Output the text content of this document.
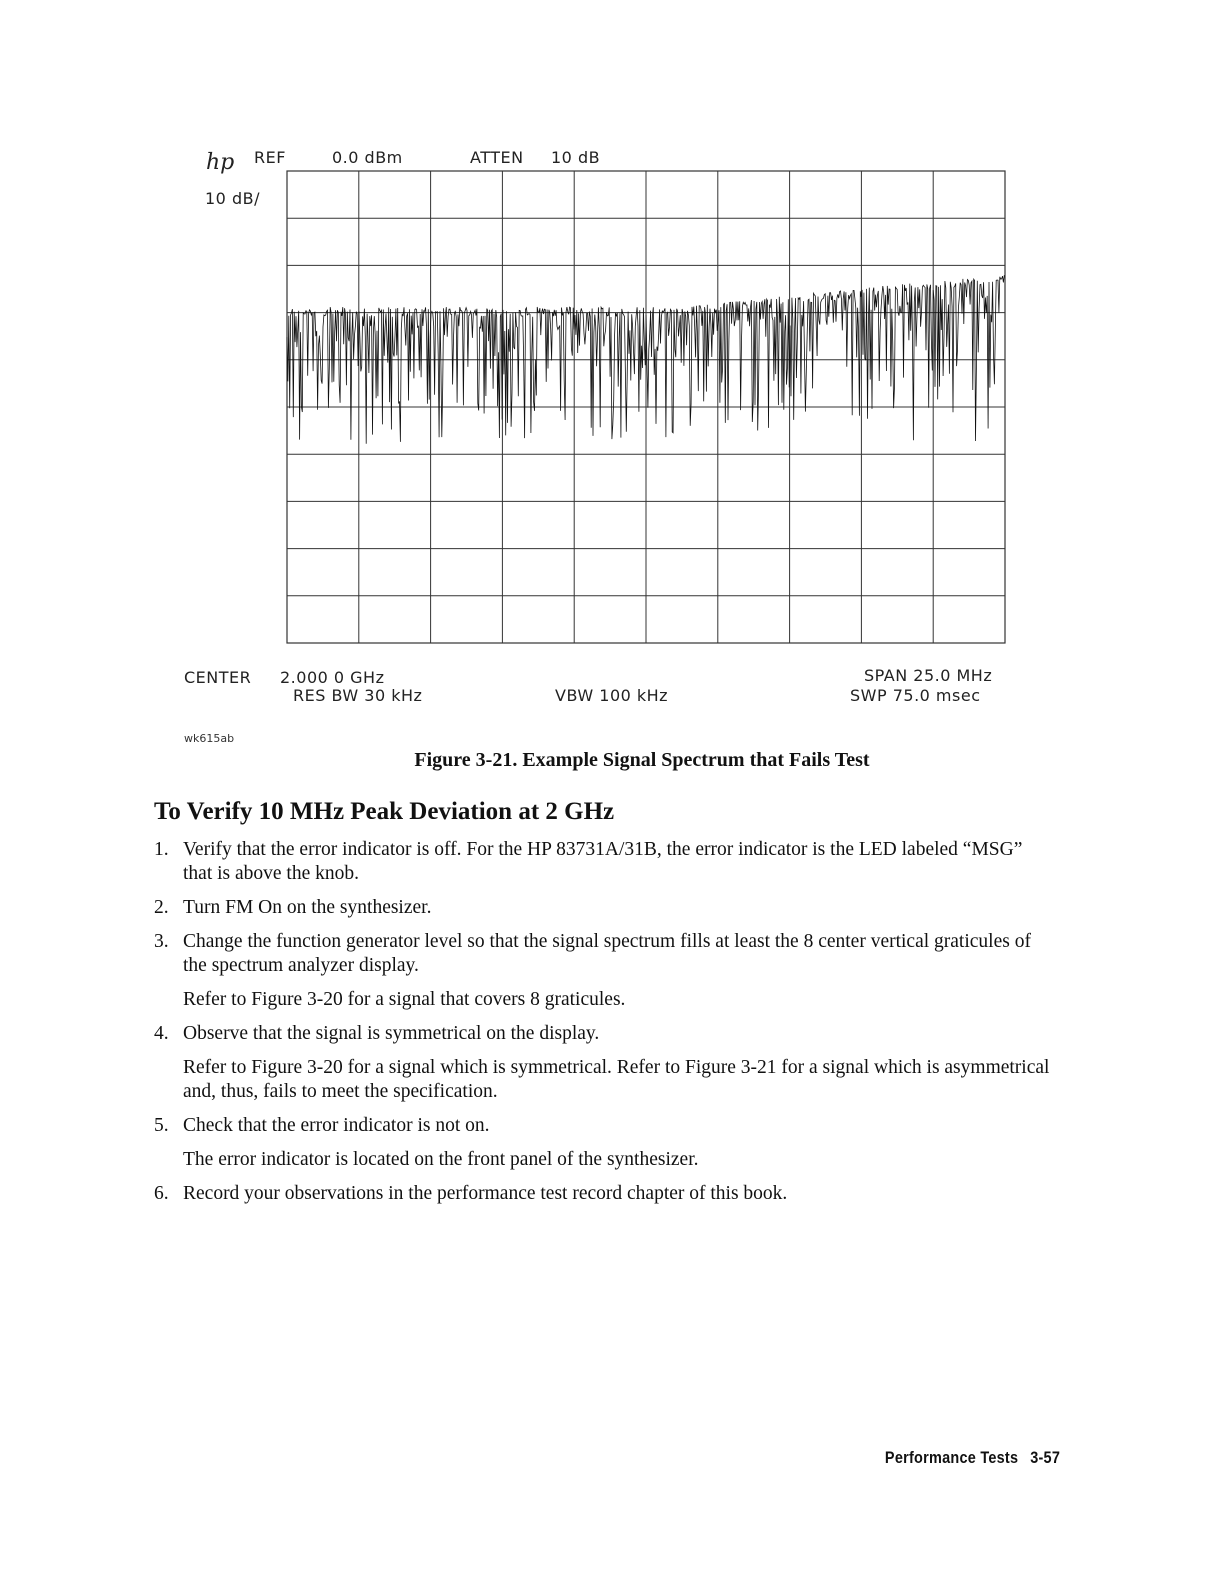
hp REF	0.0 dBm	ATTEN 10 dB
10 dB/
CENTER 2.000 0 GHz
RES BW 30 kHz	VBW 100 kHz
SPAN 25.0 MHz
SWP 75.0 msec
wk615ab
Figure 3-21. Example Signal Spectrum that Fails Test
To Verify 10 MHz Peak Deviation at 2 GHz
1. Verify that the error indicator is off. For the HP 83731A/31B, the error indicator is the LED labeled “MSG” that is above the knob.

2. Turn FM On on the synthesizer.

3. Change the function generator level so that the signal spectrum fills at least the 8 center vertical graticules of the spectrum analyzer display.

Refer to Figure 3-20 for a signal that covers 8 graticules.

4. Observe that the signal is symmetrical on the display.

Refer to Figure 3-20 for a signal which is symmetrical. Refer to Figure 3-21 for a signal which is asymmetrical and, thus, fails to meet the specification.

5. Check that the error indicator is not on.

The error indicator is located on the front panel of the synthesizer.

6. Record your observations in the performance test record chapter of this book.

Performance Tests 3-57
